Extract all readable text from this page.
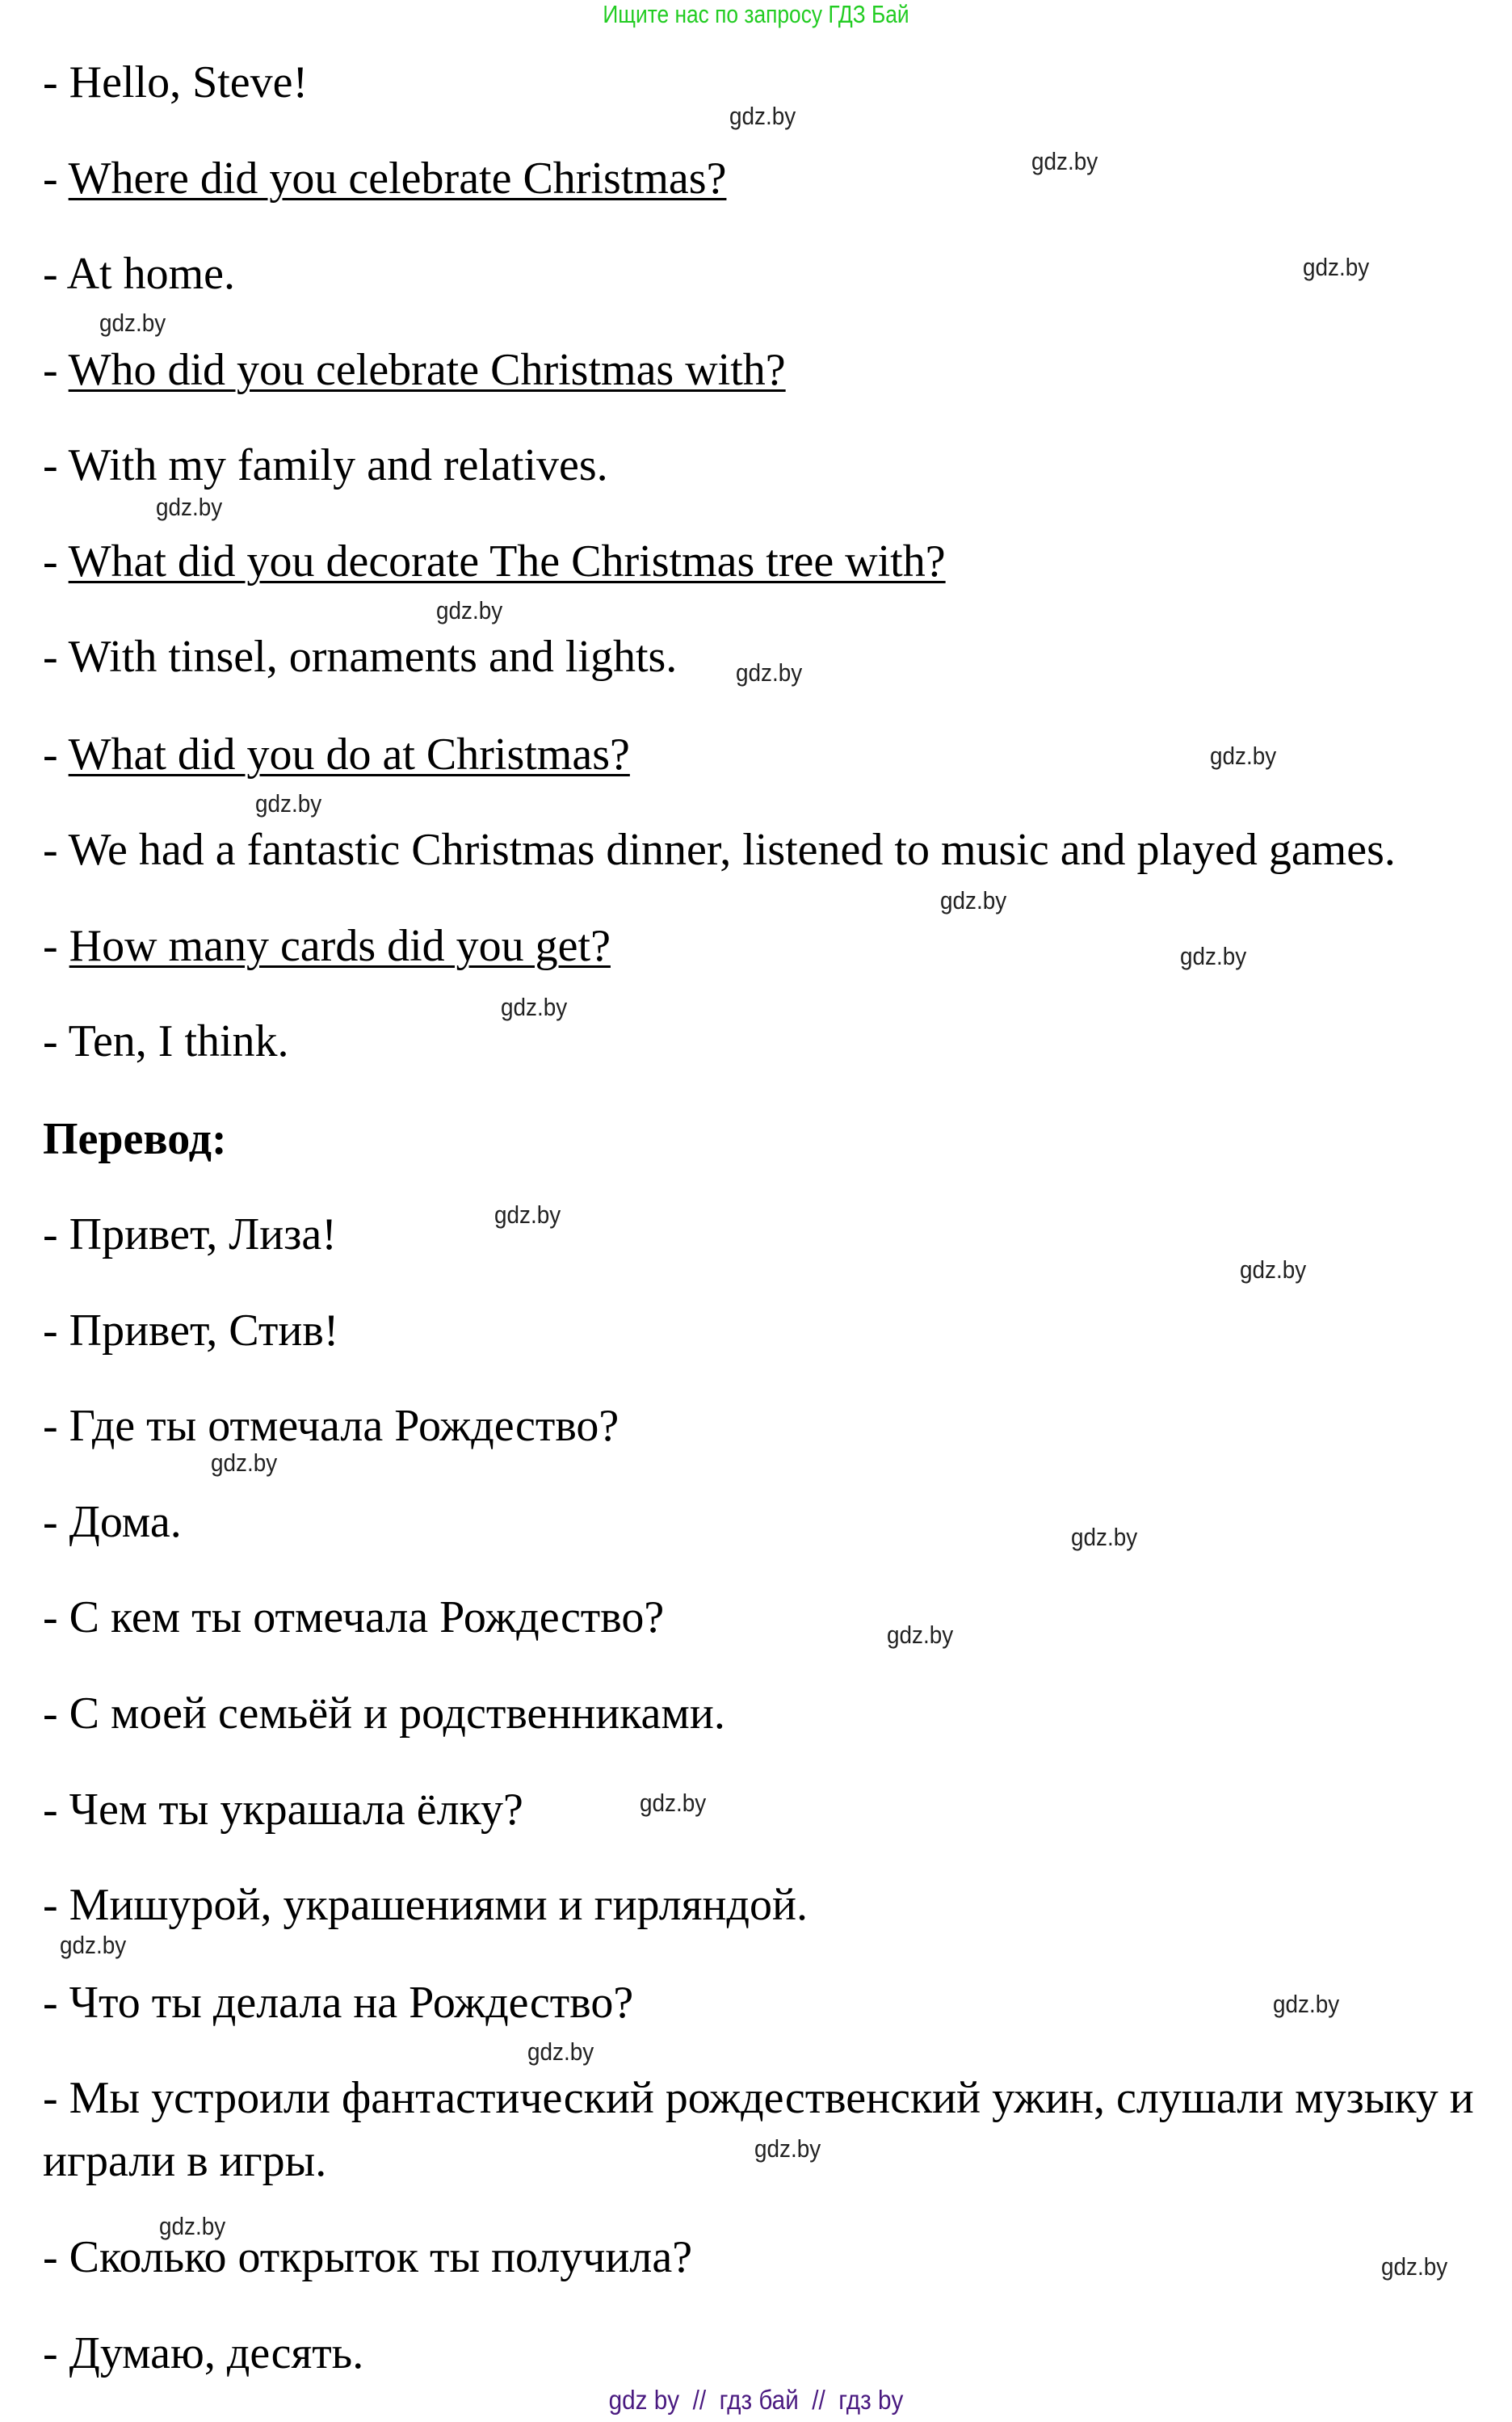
Ищите нас по запросу ГДЗ Бай
- Hello, Steve!
- Where did you celebrate Christmas?
- At home.
- Who did you celebrate Christmas with?
- With my family and relatives.
- What did you decorate The Christmas tree with?
- With tinsel, ornaments and lights.
- What did you do at Christmas?
- We had a fantastic Christmas dinner, listened to music and played games.
- How many cards did you get?
- Ten, I think.
Перевод:
- Привет, Лиза!
- Привет, Стив!
- Где ты отмечала Рождество?
- Дома.
- С кем ты отмечала Рождество?
- С моей семьёй и родственниками.
- Чем ты украшала ёлку?
- Мишурой, украшениями и гирляндой.
- Что ты делала на Рождество?
- Мы устроили фантастический рождественский ужин, слушали музыку и играли в игры.
- Сколько открыток ты получила?
- Думаю, десять.
gdz.by
gdz.by
gdz.by
gdz.by
gdz.by
gdz.by
gdz.by
gdz.by
gdz.by
gdz.by
gdz.by
gdz.by
gdz.by
gdz.by
gdz.by
gdz.by
gdz.by
gdz.by
gdz.by
gdz.by
gdz.by
gdz.by
gdz.by
gdz.by
gdz by  //  гдз бай  //  гдз by
